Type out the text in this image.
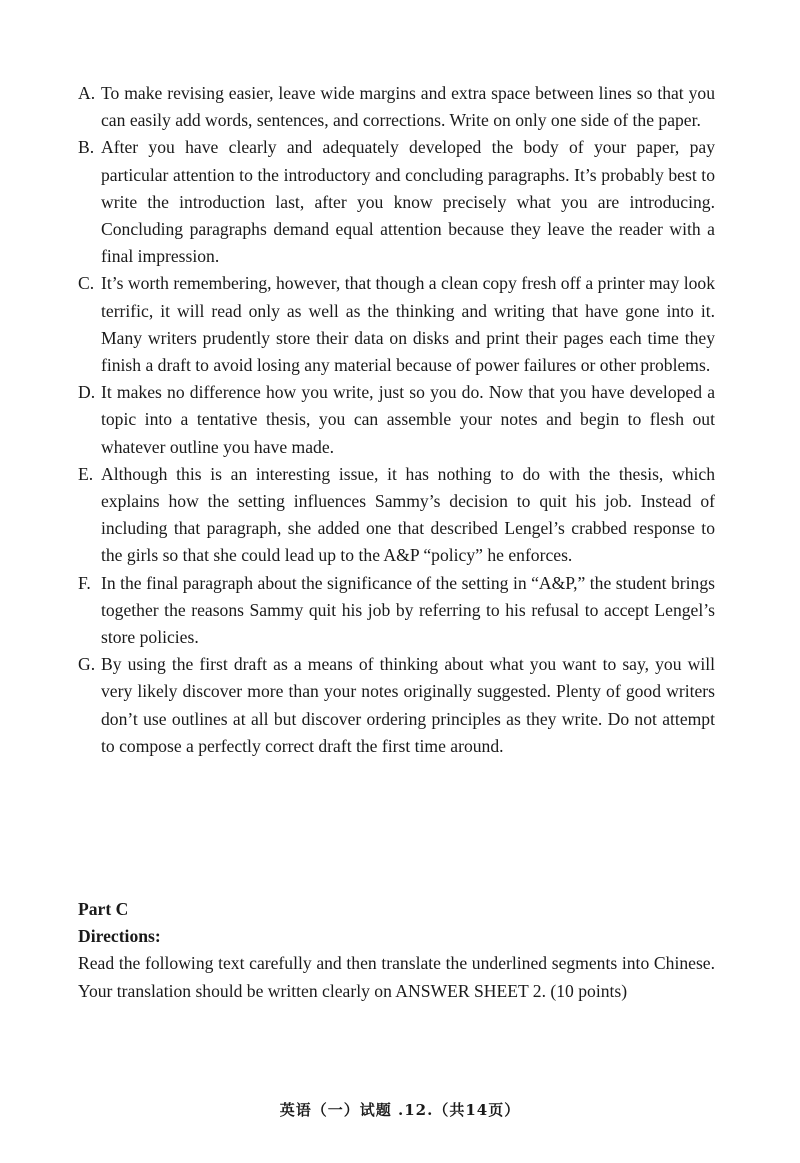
A. To make revising easier, leave wide margins and extra space between lines so that you can easily add words, sentences, and corrections. Write on only one side of the paper.
B. After you have clearly and adequately developed the body of your paper, pay particular attention to the introductory and concluding paragraphs. It’s probably best to write the introduction last, after you know precisely what you are introducing. Concluding paragraphs demand equal attention because they leave the reader with a final impression.
C. It’s worth remembering, however, that though a clean copy fresh off a printer may look terrific, it will read only as well as the thinking and writing that have gone into it. Many writers prudently store their data on disks and print their pages each time they finish a draft to avoid losing any material because of power failures or other problems.
D. It makes no difference how you write, just so you do. Now that you have developed a topic into a tentative thesis, you can assemble your notes and begin to flesh out whatever outline you have made.
E. Although this is an interesting issue, it has nothing to do with the thesis, which explains how the setting influences Sammy’s decision to quit his job. Instead of including that paragraph, she added one that described Lengel’s crabbed response to the girls so that she could lead up to the A&P “policy” he enforces.
F. In the final paragraph about the significance of the setting in “A&P,” the student brings together the reasons Sammy quit his job by referring to his refusal to accept Lengel’s store policies.
G. By using the first draft as a means of thinking about what you want to say, you will very likely discover more than your notes originally suggested. Plenty of good writers don’t use outlines at all but discover ordering principles as they write. Do not attempt to compose a perfectly correct draft the first time around.
Part C
Directions:
Read the following text carefully and then translate the underlined segments into Chinese. Your translation should be written clearly on ANSWER SHEET 2. (10 points)
英语（一）试题 .12.（共14页）
